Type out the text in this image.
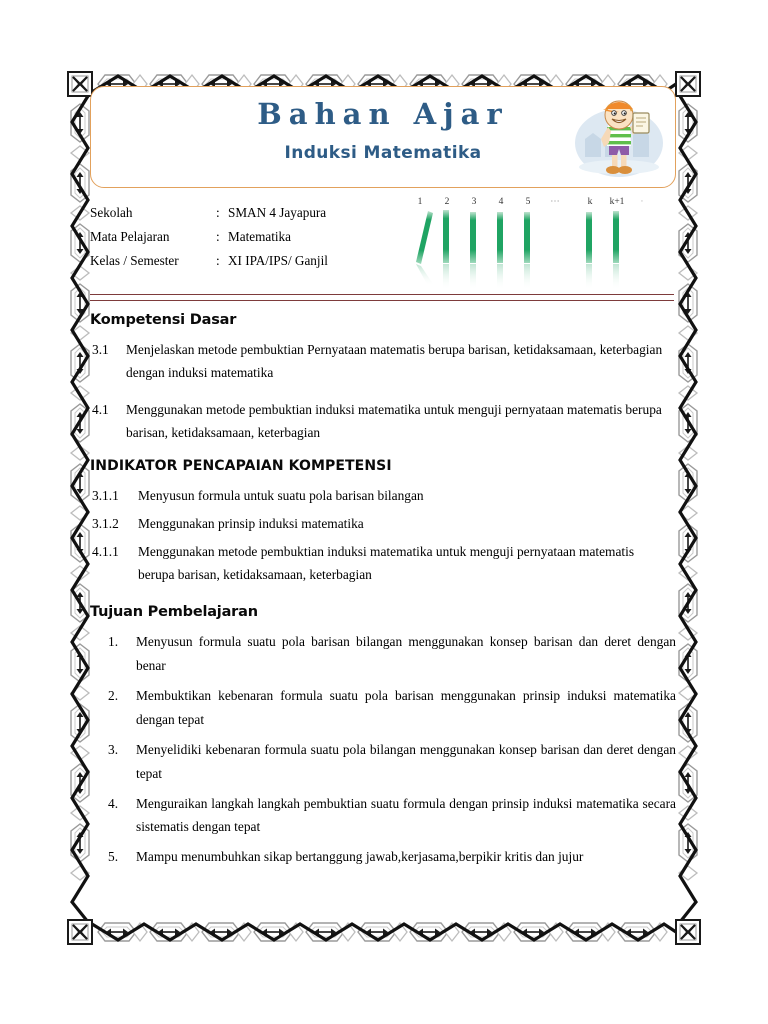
Bahan Ajar
Induksi Matematika
Sekolah	:	SMAN 4 Jayapura
Mata Pelajaran	:	Matematika
Kelas / Semester	:	XI IPA/IPS/ Ganjil
1 2 3 4 5 ⋯	k k+1 ·
Kompetensi Dasar
3.1	Menjelaskan metode pembuktian Pernyataan matematis berupa barisan, ketidaksamaan, keterbagian dengan induksi matematika
4.1	Menggunakan metode pembuktian induksi matematika untuk menguji pernyataan matematis berupa barisan, ketidaksamaan, keterbagian
INDIKATOR PENCAPAIAN KOMPETENSI
3.1.1	Menyusun formula untuk suatu pola barisan bilangan
3.1.2	Menggunakan prinsip induksi matematika
4.1.1	Menggunakan metode pembuktian induksi matematika untuk menguji pernyataan matematis berupa barisan, ketidaksamaan, keterbagian
Tujuan Pembelajaran
1.	Menyusun formula suatu pola barisan bilangan menggunakan konsep barisan dan deret dengan benar
2.	Membuktikan kebenaran formula suatu pola barisan menggunakan prinsip induksi matematika dengan tepat
3.	Menyelidiki kebenaran formula suatu pola bilangan menggunakan konsep barisan dan deret dengan tepat
4.	Menguraikan langkah langkah pembuktian suatu formula dengan prinsip induksi matematika secara sistematis dengan tepat
5.	Mampu menumbuhkan sikap bertanggung jawab,kerjasama,berpikir kritis dan jujur
